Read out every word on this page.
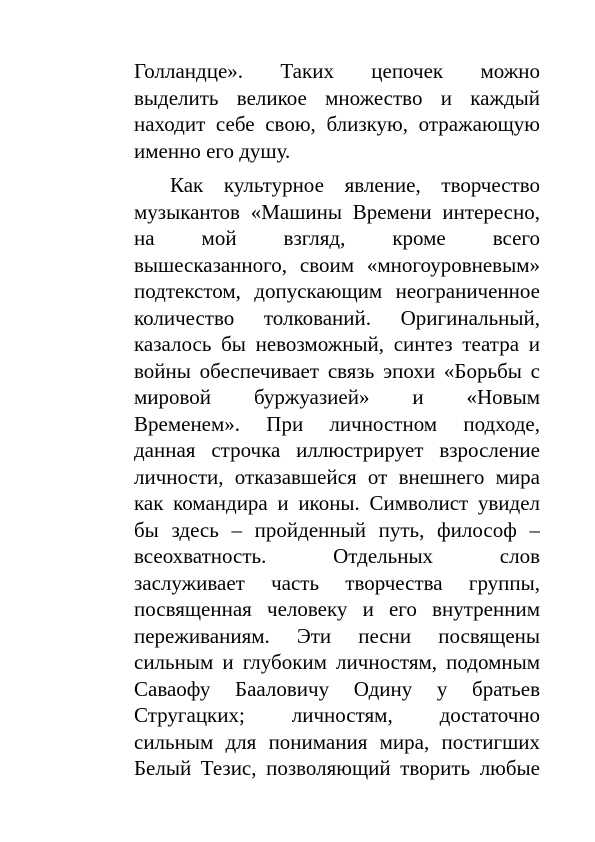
Голландце». Таких цепочек можно
выделить великое множество и каждый
находит себе свою, близкую, отражающую
именно его душу.
Как культурное явление, творчество
музыкантов «Машины Времени интересно,
на мой взгляд, кроме всего
вышесказанного, своим «многоуровневым»
подтекстом, допускающим неограниченное
количество толкований. Оригинальный,
казалось бы невозможный, синтез театра и
войны обеспечивает связь эпохи «Борьбы с
мировой буржуазией» и «Новым
Временем». При личностном подходе,
данная строчка иллюстрирует взросление
личности, отказавшейся от внешнего мира
как командира и иконы. Символист увидел
бы здесь – пройденный путь, философ –
всеохватность. Отдельных слов
заслуживает часть творчества группы,
посвященная человеку и его внутренним
переживаниям. Эти песни посвящены
сильным и глубоким личностям, подомным
Саваофу Бааловичу Одину у братьев
Стругацких; личностям, достаточно
сильным для понимания мира, постигших
Белый Тезис, позволяющий творить любые
